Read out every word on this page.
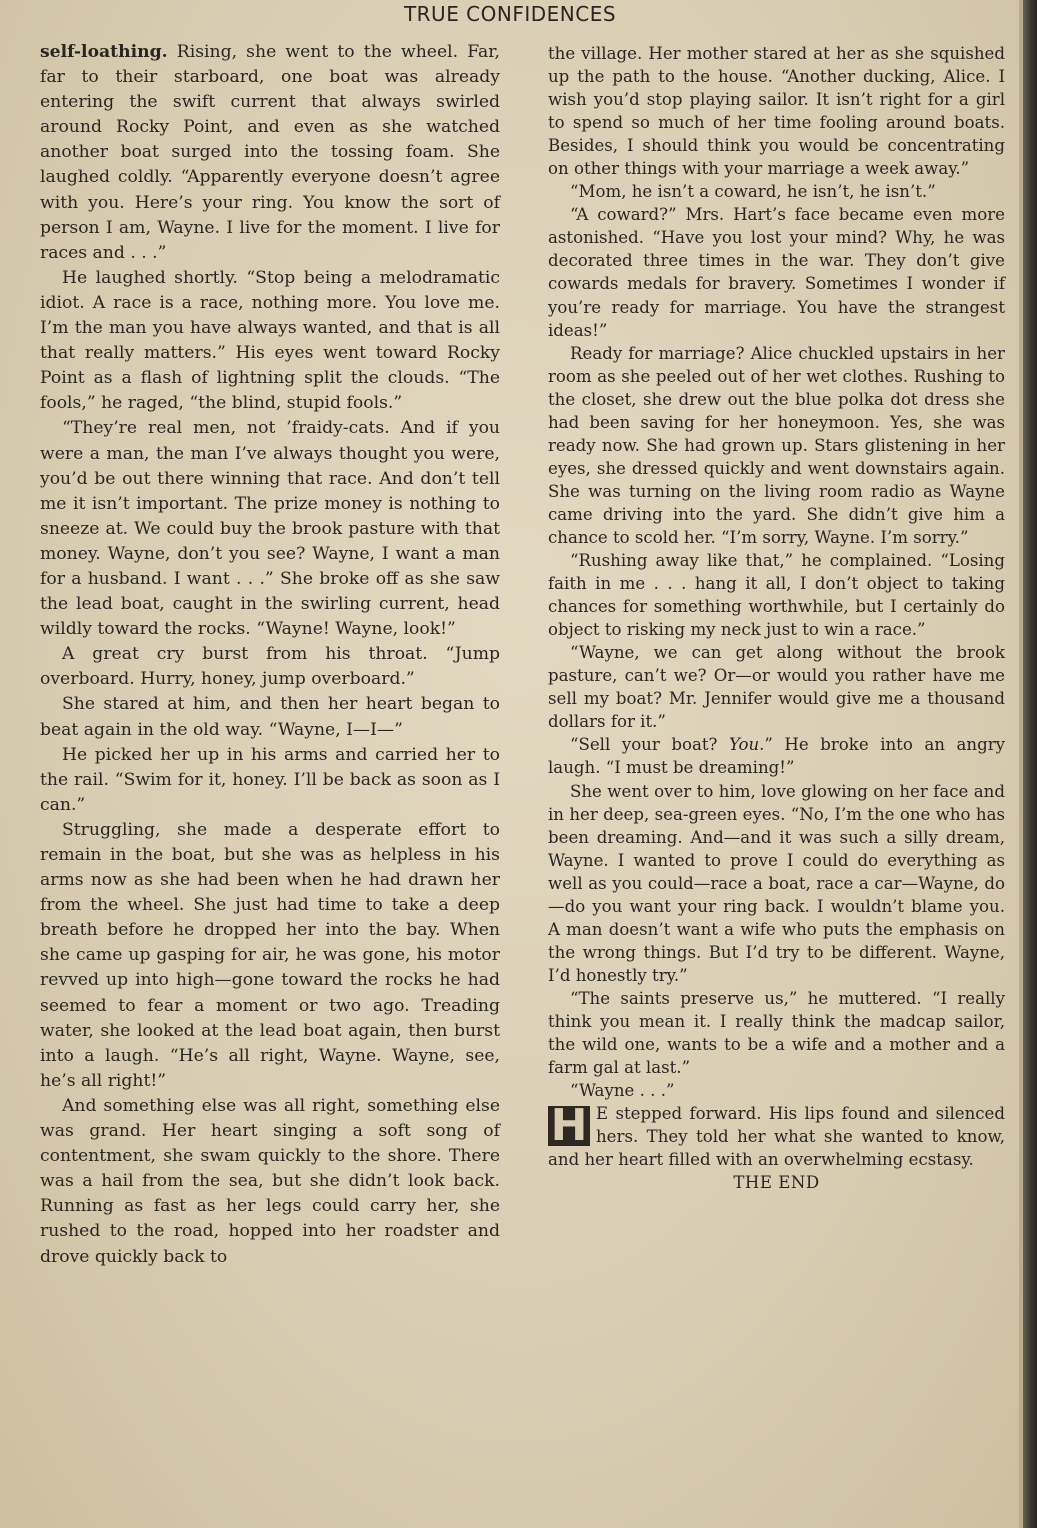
TRUE CONFIDENCES

self-loathing. Rising, she went to the wheel. Far, far to their starboard, one boat was already entering the swift current that always swirled around Rocky Point, and even as she watched another boat surged into the tossing foam. She laughed coldly. “Apparently everyone doesn’t agree with you. Here’s your ring. You know the sort of person I am, Wayne. I live for the moment. I live for races and . . .”

He laughed shortly. “Stop being a melodramatic idiot. A race is a race, nothing more. You love me. I’m the man you have always wanted, and that is all that really matters.” His eyes went toward Rocky Point as a flash of lightning split the clouds. “The fools,” he raged, “the blind, stupid fools.”

“They’re real men, not ’fraidy-cats. And if you were a man, the man I’ve always thought you were, you’d be out there winning that race. And don’t tell me it isn’t important. The prize money is nothing to sneeze at. We could buy the brook pasture with that money. Wayne, don’t you see? Wayne, I want a man for a husband. I want . . .” She broke off as she saw the lead boat, caught in the swirling current, head wildly toward the rocks. “Wayne! Wayne, look!”

A great cry burst from his throat. “Jump overboard. Hurry, honey, jump overboard.”

She stared at him, and then her heart began to beat again in the old way. “Wayne, I—I—”

He picked her up in his arms and carried her to the rail. “Swim for it, honey. I’ll be back as soon as I can.”

Struggling, she made a desperate effort to remain in the boat, but she was as helpless in his arms now as she had been when he had drawn her from the wheel. She just had time to take a deep breath before he dropped her into the bay. When she came up gasping for air, he was gone, his motor revved up into high—gone toward the rocks he had seemed to fear a moment or two ago. Treading water, she looked at the lead boat again, then burst into a laugh. “He’s all right, Wayne. Wayne, see, he’s all right!”

And something else was all right, something else was grand. Her heart singing a soft song of contentment, she swam quickly to the shore. There was a hail from the sea, but she didn’t look back. Running as fast as her legs could carry her, she rushed to the road, hopped into her roadster and drove quickly back to

the village. Her mother stared at her as she squished up the path to the house. “Another ducking, Alice. I wish you’d stop playing sailor. It isn’t right for a girl to spend so much of her time fooling around boats. Besides, I should think you would be concentrating on other things with your marriage a week away.”

“Mom, he isn’t a coward, he isn’t, he isn’t.”

“A coward?” Mrs. Hart’s face became even more astonished. “Have you lost your mind? Why, he was decorated three times in the war. They don’t give cowards medals for bravery. Sometimes I wonder if you’re ready for marriage. You have the strangest ideas!”

Ready for marriage? Alice chuckled upstairs in her room as she peeled out of her wet clothes. Rushing to the closet, she drew out the blue polka dot dress she had been saving for her honeymoon. Yes, she was ready now. She had grown up. Stars glistening in her eyes, she dressed quickly and went downstairs again. She was turning on the living room radio as Wayne came driving into the yard. She didn’t give him a chance to scold her. “I’m sorry, Wayne. I’m sorry.”

“Rushing away like that,” he complained. “Losing faith in me . . . hang it all, I don’t object to taking chances for something worthwhile, but I certainly do object to risking my neck just to win a race.”

“Wayne, we can get along without the brook pasture, can’t we? Or—or would you rather have me sell my boat? Mr. Jennifer would give me a thousand dollars for it.”

“Sell your boat? You.” He broke into an angry laugh. “I must be dreaming!”

She went over to him, love glowing on her face and in her deep, sea-green eyes. “No, I’m the one who has been dreaming. And—and it was such a silly dream, Wayne. I wanted to prove I could do everything as well as you could—race a boat, race a car—Wayne, do—do you want your ring back. I wouldn’t blame you. A man doesn’t want a wife who puts the emphasis on the wrong things. But I’d try to be different. Wayne, I’d honestly try.”

“The saints preserve us,” he muttered. “I really think you mean it. I really think the madcap sailor, the wild one, wants to be a wife and a mother and a farm gal at last.”

“Wayne . . .”

H E stepped forward. His lips found and silenced hers. They told her what she wanted to know, and her heart filled with an overwhelming ecstasy.

THE END
